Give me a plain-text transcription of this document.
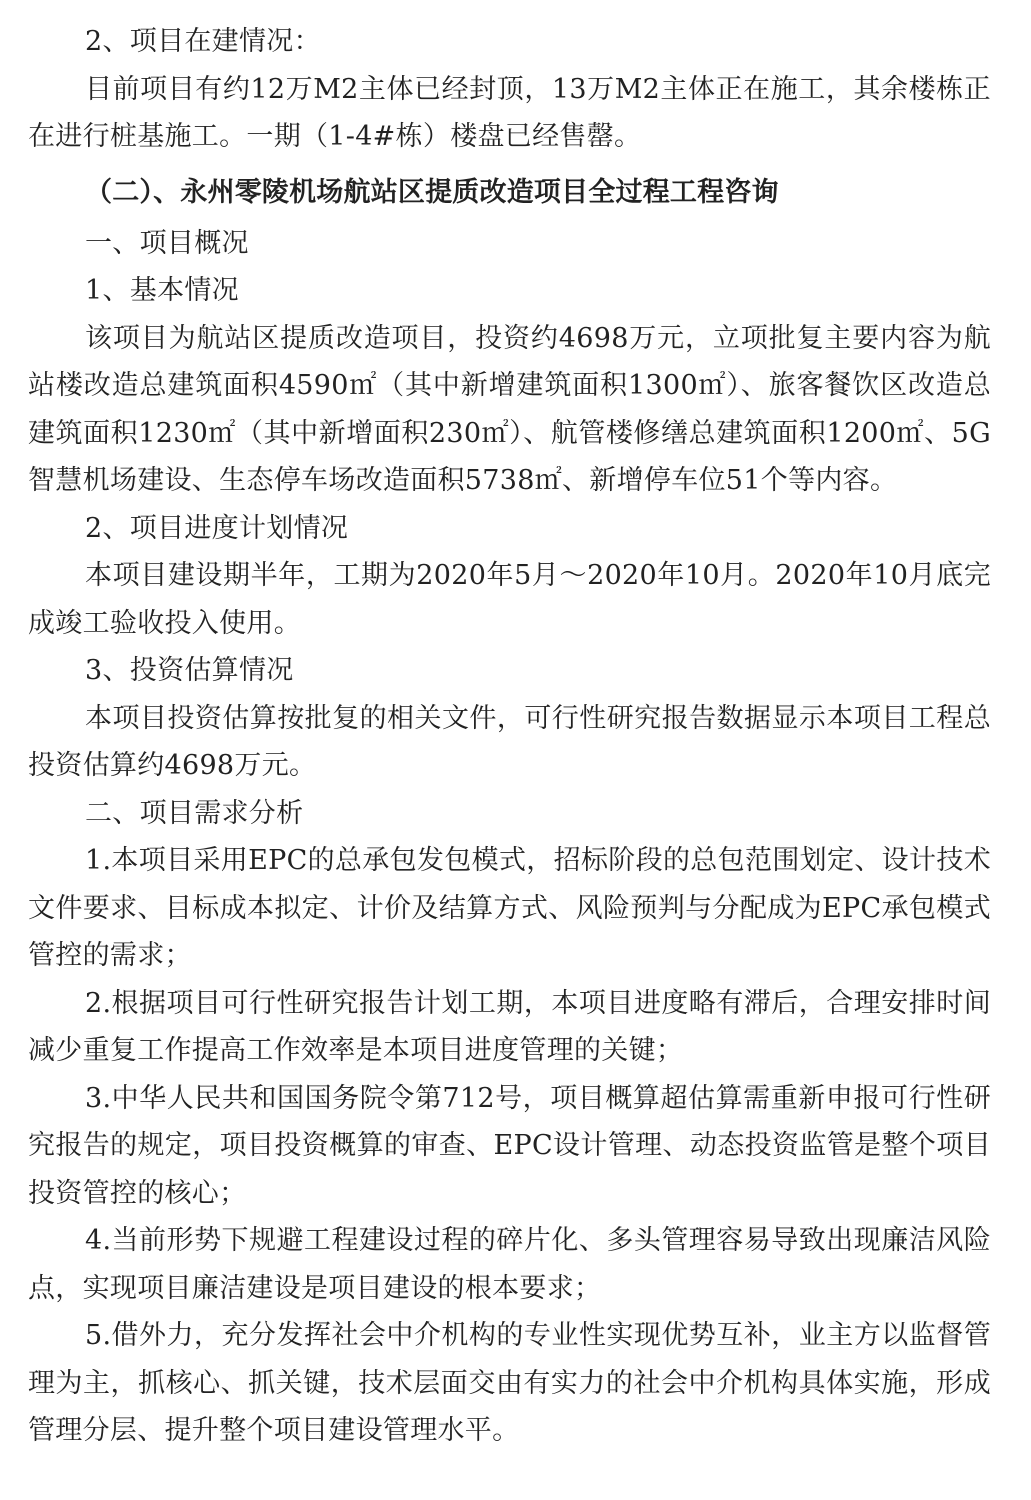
2、项目在建情况：

目前项目有约12万M2主体已经封顶，13万M2主体正在施工，其余楼栋正在进行桩基施工。一期（1-4#栋）楼盘已经售罄。

（二）、永州零陵机场航站区提质改造项目全过程工程咨询

一、项目概况

1、基本情况

该项目为航站区提质改造项目，投资约4698万元，立项批复主要内容为航站楼改造总建筑面积4590㎡（其中新增建筑面积1300㎡）、旅客餐饮区改造总建筑面积1230㎡（其中新增面积230㎡）、航管楼修缮总建筑面积1200㎡、5G智慧机场建设、生态停车场改造面积5738㎡、新增停车位51个等内容。

2、项目进度计划情况

本项目建设期半年，工期为2020年5月～2020年10月。2020年10月底完成竣工验收投入使用。

3、投资估算情况

本项目投资估算按批复的相关文件，可行性研究报告数据显示本项目工程总投资估算约4698万元。

二、项目需求分析

1.本项目采用EPC的总承包发包模式，招标阶段的总包范围划定、设计技术文件要求、目标成本拟定、计价及结算方式、风险预判与分配成为EPC承包模式管控的需求；

2.根据项目可行性研究报告计划工期，本项目进度略有滞后，合理安排时间减少重复工作提高工作效率是本项目进度管理的关键；

3.中华人民共和国国务院令第712号，项目概算超估算需重新申报可行性研究报告的规定，项目投资概算的审查、EPC设计管理、动态投资监管是整个项目投资管控的核心；

4.当前形势下规避工程建设过程的碎片化、多头管理容易导致出现廉洁风险点，实现项目廉洁建设是项目建设的根本要求；

5.借外力，充分发挥社会中介机构的专业性实现优势互补，业主方以监督管理为主，抓核心、抓关键，技术层面交由有实力的社会中介机构具体实施，形成管理分层、提升整个项目建设管理水平。
